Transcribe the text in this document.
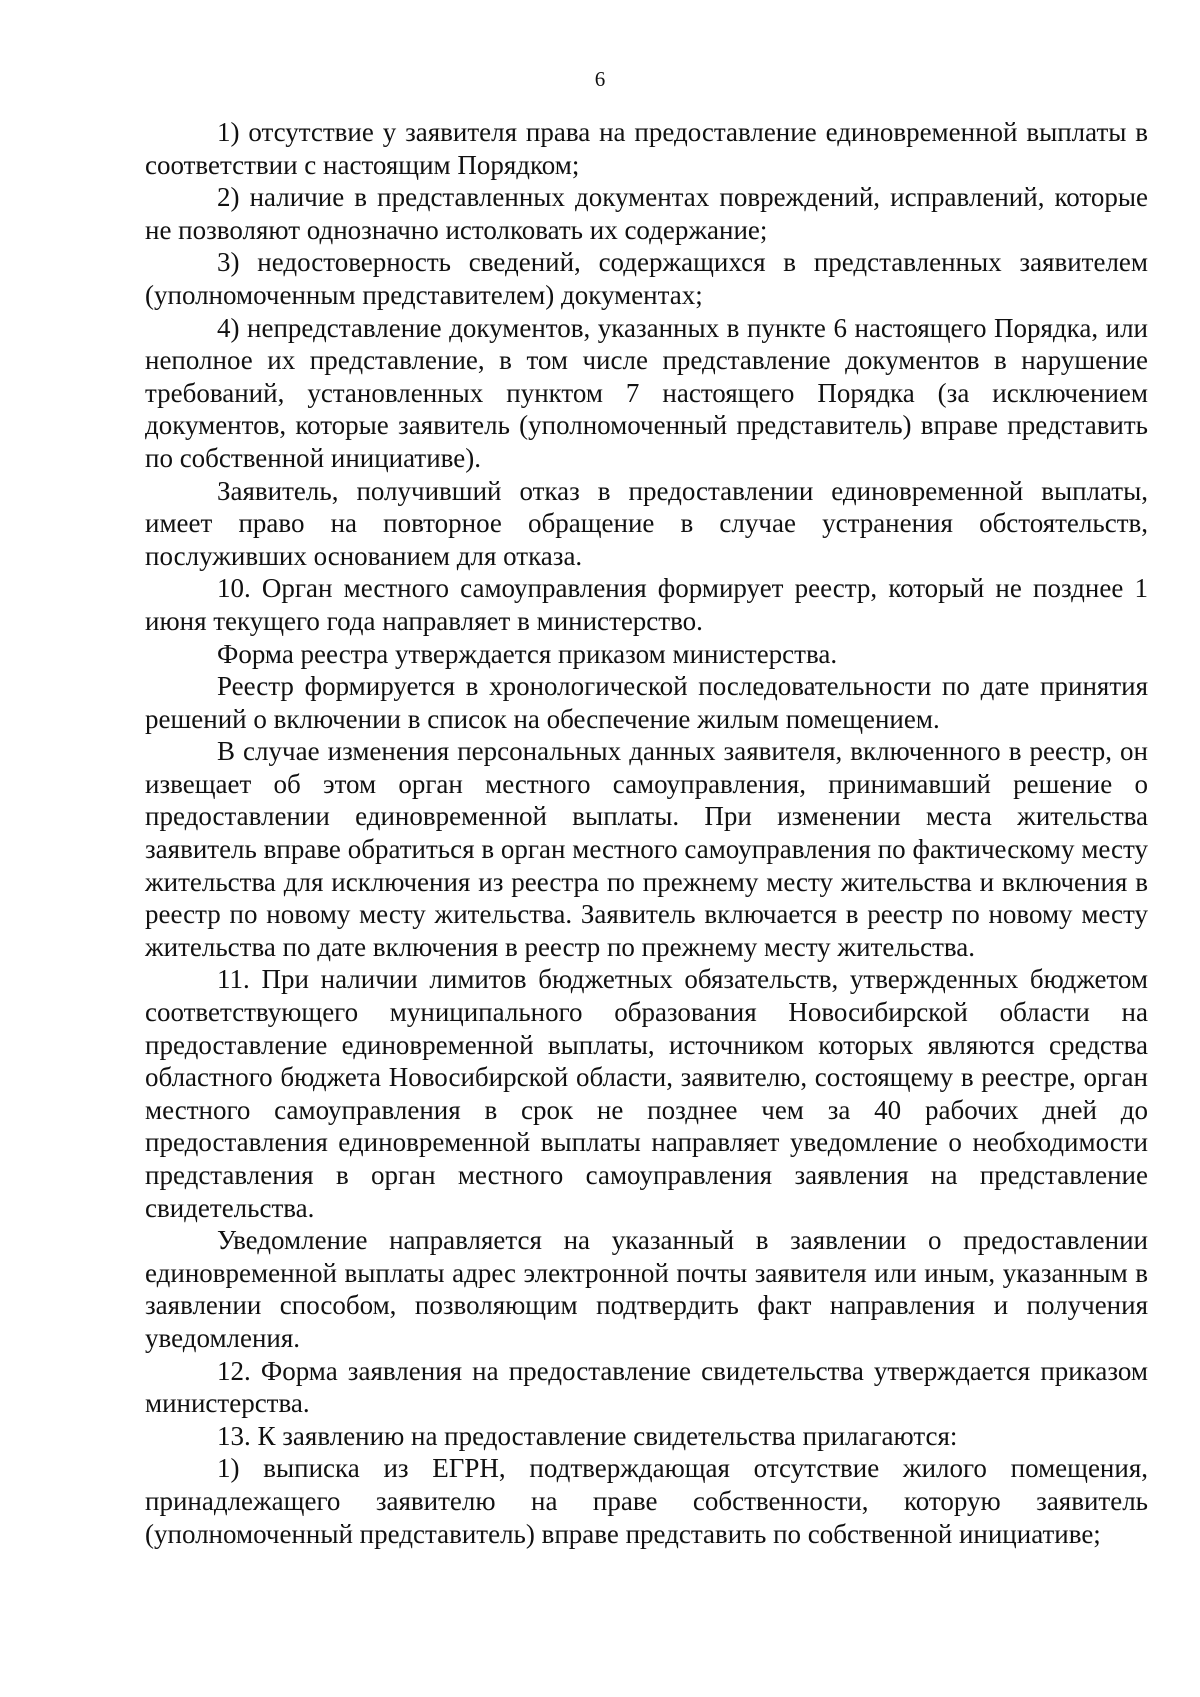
6

1) отсутствие у заявителя права на предоставление единовременной выплаты в соответствии с настоящим Порядком;

2) наличие в представленных документах повреждений, исправлений, которые не позволяют однозначно истолковать их содержание;

3) недостоверность сведений, содержащихся в представленных заявителем (уполномоченным представителем) документах;

4) непредставление документов, указанных в пункте 6 настоящего Порядка, или неполное их представление, в том числе представление документов в нарушение требований, установленных пунктом 7 настоящего Порядка (за исключением документов, которые заявитель (уполномоченный представитель) вправе представить по собственной инициативе).

Заявитель, получивший отказ в предоставлении единовременной выплаты, имеет право на повторное обращение в случае устранения обстоятельств, послуживших основанием для отказа.

10. Орган местного самоуправления формирует реестр, который не позднее 1 июня текущего года направляет в министерство.

Форма реестра утверждается приказом министерства.

Реестр формируется в хронологической последовательности по дате принятия решений о включении в список на обеспечение жилым помещением.

В случае изменения персональных данных заявителя, включенного в реестр, он извещает об этом орган местного самоуправления, принимавший решение о предоставлении единовременной выплаты. При изменении места жительства заявитель вправе обратиться в орган местного самоуправления по фактическому месту жительства для исключения из реестра по прежнему месту жительства и включения в реестр по новому месту жительства. Заявитель включается в реестр по новому месту жительства по дате включения в реестр по прежнему месту жительства.

11. При наличии лимитов бюджетных обязательств, утвержденных бюджетом соответствующего муниципального образования Новосибирской области на предоставление единовременной выплаты, источником которых являются средства областного бюджета Новосибирской области, заявителю, состоящему в реестре, орган местного самоуправления в срок не позднее чем за 40 рабочих дней до предоставления единовременной выплаты направляет уведомление о необходимости представления в орган местного самоуправления заявления на представление свидетельства.

Уведомление направляется на указанный в заявлении о предоставлении единовременной выплаты адрес электронной почты заявителя или иным, указанным в заявлении способом, позволяющим подтвердить факт направления и получения уведомления.

12. Форма заявления на предоставление свидетельства утверждается приказом министерства.

13. К заявлению на предоставление свидетельства прилагаются:

1) выписка из ЕГРН, подтверждающая отсутствие жилого помещения, принадлежащего заявителю на праве собственности, которую заявитель (уполномоченный представитель) вправе представить по собственной инициативе;
